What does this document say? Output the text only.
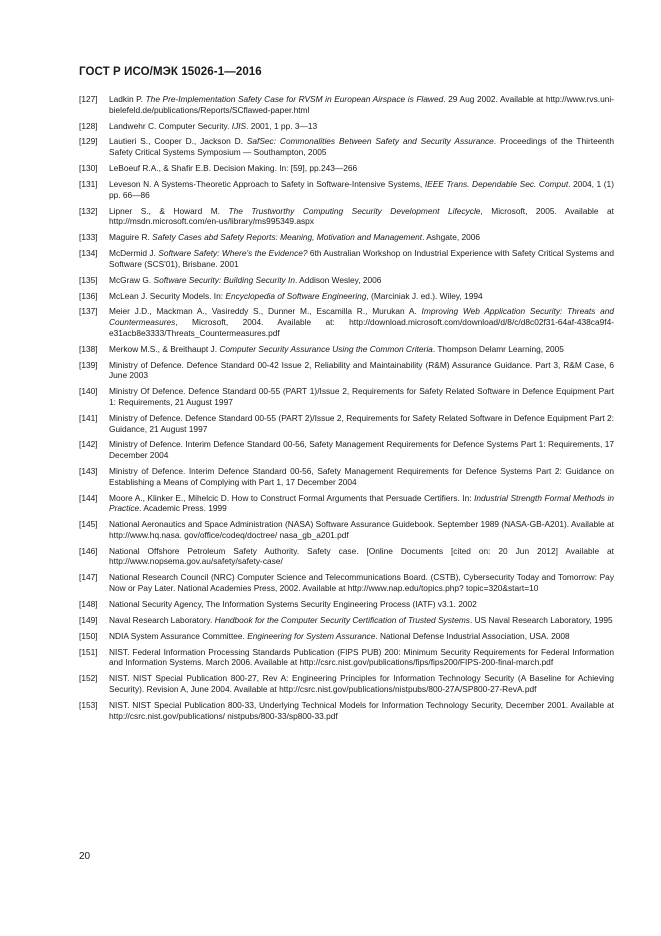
ГОСТ Р ИСО/МЭК 15026-1—2016
[127]	Ladkin P. The Pre-Implementation Safety Case for RVSM in European Airspace is Flawed. 29 Aug 2002. Available at http://www.rvs.uni-bielefeld.de/publications/Reports/SCflawed-paper.html
[128]	Landwehr C. Computer Security. IJIS. 2001, 1 pp. 3—13
[129]	Lautieri S., Cooper D., Jackson D. SafSec: Commonalities Between Safety and Security Assurance. Proceedings of the Thirteenth Safety Critical Systems Symposium — Southampton, 2005
[130]	LeBoeuf R.A., & Shafir E.B. Decision Making. In: [59], pp.243—266
[131]	Leveson N. A Systems-Theoretic Approach to Safety in Software-Intensive Systems, IEEE Trans. Dependable Sec. Comput. 2004, 1 (1) pp. 66—86
[132]	Lipner S., & Howard M. The Trustworthy Computing Security Development Lifecycle, Microsoft, 2005. Available at http://msdn.microsoft.com/en-us/library/ms995349.aspx
[133]	Maguire R. Safety Cases abd Safety Reports: Meaning, Motivation and Management. Ashgate, 2006
[134]	McDermid J. Software Safety: Where's the Evidence? 6th Australian Workshop on Industrial Experience with Safety Critical Systems and Software (SCS'01), Brisbane. 2001
[135]	McGraw G. Software Security: Building Security In. Addison Wesley, 2006
[136]	McLean J. Security Models. In: Encyclopedia of Software Engineering, (Marciniak J. ed.). Wiley, 1994
[137]	Meier J.D., Mackman A., Vasireddy S., Dunner M., Escamilla R., Murukan A. Improving Web Application Security: Threats and Countermeasures, Microsoft, 2004. Available at: http://download.microsoft.com/download/d/8/c/d8c02f31-64af-438ca9f4-e31acb8e3333/Threats_Countermeasures.pdf
[138]	Merkow M.S., & Breithaupt J. Computer Security Assurance Using the Common Criteria. Thompson Delamr Learning, 2005
[139]	Ministry of Defence. Defence Standard 00-42 Issue 2, Reliability and Maintainability (R&M) Assurance Guidance. Part 3, R&M Case, 6 June 2003
[140]	Ministry Of Defence. Defence Standard 00-55 (PART 1)/Issue 2, Requirements for Safety Related Software in Defence Equipment Part 1: Requirements, 21 August 1997
[141]	Ministry of Defence. Defence Standard 00-55 (PART 2)/Issue 2, Requirements for Safety Related Software in Defence Equipment Part 2: Guidance, 21 August 1997
[142]	Ministry of Defence. Interim Defence Standard 00-56, Safety Management Requirements for Defence Systems Part 1: Requirements, 17 December 2004
[143]	Ministry of Defence. Interim Defence Standard 00-56, Safety Management Requirements for Defence Systems Part 2: Guidance on Establishing a Means of Complying with Part 1, 17 December 2004
[144]	Moore A., Klinker E., Mihelcic D. How to Construct Formal Arguments that Persuade Certifiers. In: Industrial Strength Formal Methods in Practice. Academic Press. 1999
[145]	National Aeronautics and Space Administration (NASA) Software Assurance Guidebook. September 1989 (NASA-GB-A201). Available at http://www.hq.nasa. gov/office/codeq/doctree/ nasa_gb_a201.pdf
[146]	National Offshore Petroleum Safety Authority. Safety case. [Online Documents [cited on: 20 Jun 2012] Available at http://www.nopsema.gov.au/safety/safety-case/
[147]	National Research Council (NRC) Computer Science and Telecommunications Board. (CSTB), Cybersecurity Today and Tomorrow: Pay Now or Pay Later. National Academies Press, 2002. Available at http://www.nap.edu/topics.php? topic=320&start=10
[148]	National Security Agency, The Information Systems Security Engineering Process (IATF) v3.1. 2002
[149]	Naval Research Laboratory. Handbook for the Computer Security Certification of Trusted Systems. US Naval Research Laboratory, 1995
[150]	NDIA System Assurance Committee. Engineering for System Assurance. National Defense Industrial Association, USA. 2008
[151]	NIST. Federal Information Processing Standards Publication (FIPS PUB) 200: Minimum Security Requirements for Federal Information and Information Systems. March 2006. Available at http://csrc.nist.gov/publications/fips/fips200/FIPS-200-final-march.pdf
[152]	NIST. NIST Special Publication 800-27, Rev A: Engineering Principles for Information Technology Security (A Baseline for Achieving Security). Revision A, June 2004. Available at http://csrc.nist.gov/publications/nistpubs/800-27A/SP800-27-RevA.pdf
[153]	NIST. NIST Special Publication 800-33, Underlying Technical Models for Information Technology Security, December 2001. Available at http://csrc.nist.gov/publications/ nistpubs/800-33/sp800-33.pdf
20
